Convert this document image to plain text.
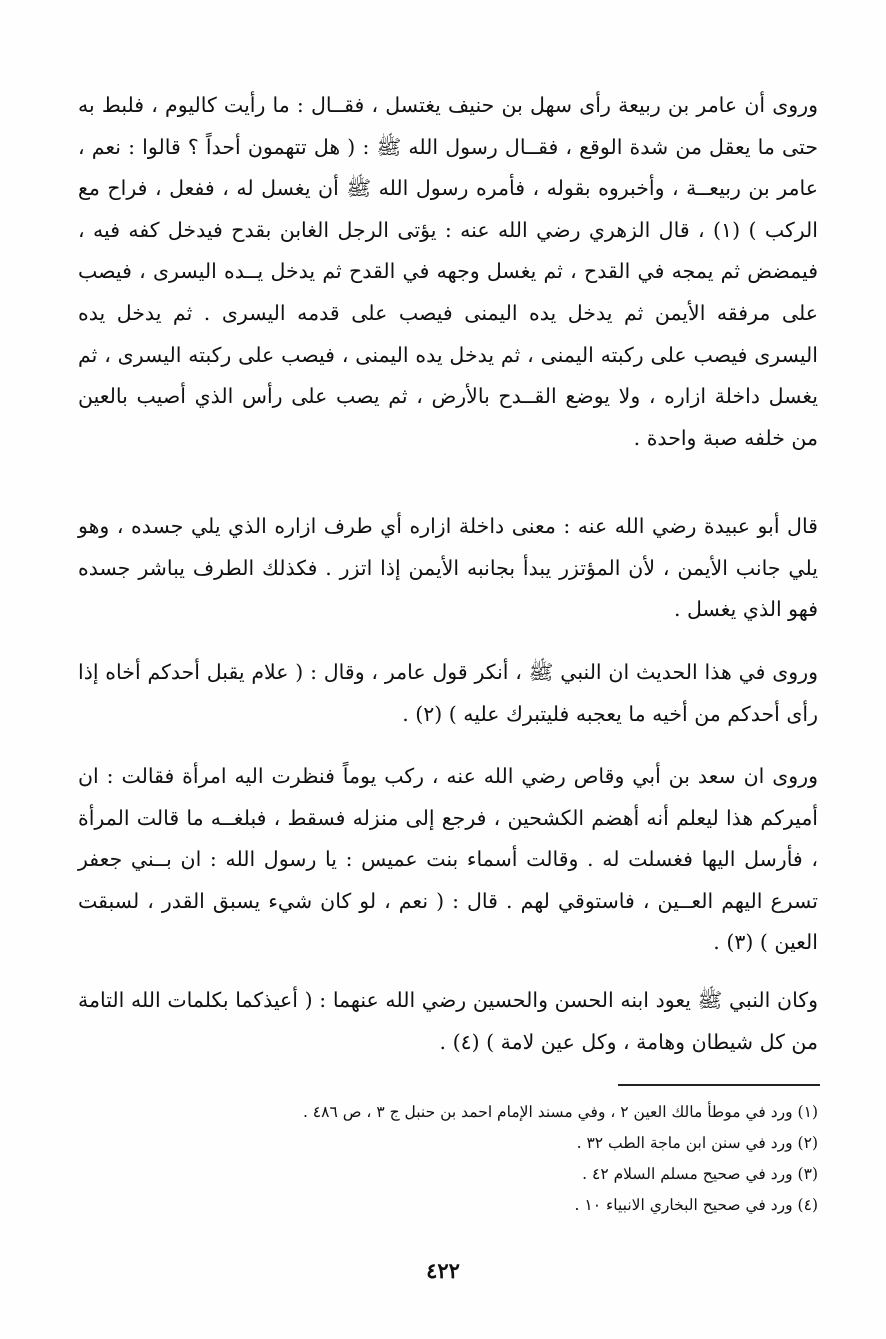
وروى أن عامر بن ربيعة رأى سهل بن حنيف يغتسل ، فقــال : ما رأيت كاليوم ، فلبط به حتى ما يعقل من شدة الوقع ، فقــال رسول الله ﷺ : ( هل تتهمون أحداً ؟ قالوا : نعم ، عامر بن ربيعــة ، وأخبروه بقوله ، فأمره رسول الله ﷺ أن يغسل له ، ففعل ، فراح مع الركب ) (١) ، قال الزهري رضي الله عنه : يؤتى الرجل الغابن بقدح فيدخل كفه فيه ، فيمضض ثم يمجه في القدح ، ثم يغسل وجهه في القدح ثم يدخل يــده اليسرى ، فيصب على مرفقه الأيمن ثم يدخل يده اليمنى فيصب على قدمه اليسرى . ثم يدخل يده اليسرى فيصب على ركبته اليمنى ، ثم يدخل يده اليمنى ، فيصب على ركبته اليسرى ، ثم يغسل داخلة ازاره ، ولا يوضع القــدح بالأرض ، ثم يصب على رأس الذي أصيب بالعين من خلفه صبة واحدة .

قال أبو عبيدة رضي الله عنه : معنى داخلة ازاره أي طرف ازاره الذي يلي جسده ، وهو يلي جانب الأيمن ، لأن المؤتزر يبدأ بجانبه الأيمن إذا اتزر . فكذلك الطرف يباشر جسده فهو الذي يغسل .

وروى في هذا الحديث ان النبي ﷺ ، أنكر قول عامر ، وقال : ( علام يقبل أحدكم أخاه إذا رأى أحدكم من أخيه ما يعجبه فليتبرك عليه ) (٢) .

وروى ان سعد بن أبي وقاص رضي الله عنه ، ركب يوماً فنظرت اليه امرأة فقالت : ان أميركم هذا ليعلم أنه أهضم الكشحين ، فرجع إلى منزله فسقط ، فبلغــه ما قالت المرأة ، فأرسل اليها فغسلت له . وقالت أسماء بنت عميس : يا رسول الله : ان بــني جعفر تسرع اليهم العــين ، فاستوقي لهم . قال : ( نعم ، لو كان شيء يسبق القدر ، لسبقت العين ) (٣) .

وكان النبي ﷺ يعود ابنه الحسن والحسين رضي الله عنهما : ( أعيذكما بكلمات الله التامة من كل شيطان وهامة ، وكل عين لامة ) (٤) .

(١) ورد في موطأ مالك العين ٢ ، وفي مسند الإمام احمد بن حنبل ج ٣ ، ص ٤٨٦ .
(٢) ورد في سنن ابن ماجة الطب ٣٢ .
(٣) ورد في صحيح مسلم السلام ٤٢ .
(٤) ورد في صحيح البخاري الانبياء ١٠ .
٤٢٢
